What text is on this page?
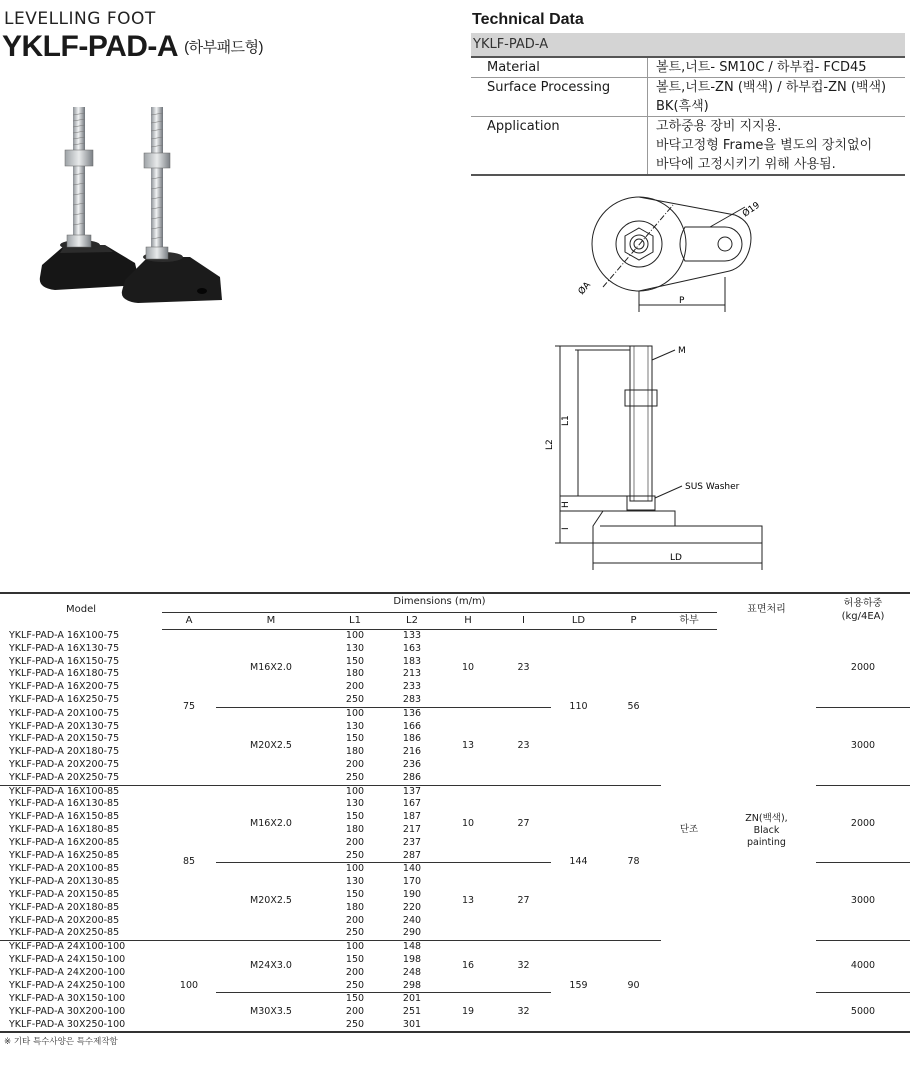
LEVELLING FOOT
YKLF-PAD-A (하부패드형)
Technical Data
YKLF-PAD-A	
Material	볼트,너트- SM10C / 하부컵- FCD45

Surface Processing	볼트,너트-ZN (백색) / 하부컵-ZN (백색)
BK(흑색)

Application	고하중용 장비 지지용.
바닥고정형 Frame을 별도의 장치없이
바닥에 고정시키기 위해 사용됨.
ØA
Ø19
P
M
SUS Washer
L1
L2
H
I
LD
Model	Dimensions (m/m)									표면처리	허용하중
(kg/4EA)

	A	M	L1	L2	H	I	LD	P	하부		
YKLF-PAD-A 16X100-75	75	M16X2.0	100	133	10	23	110	56	단조	ZN(백색),
Black
painting	2000
YKLF-PAD-A 16X130-75			130	163							
YKLF-PAD-A 16X150-75			150	183							
YKLF-PAD-A 16X180-75			180	213							
YKLF-PAD-A 16X200-75			200	233							
YKLF-PAD-A 16X250-75			250	283							
YKLF-PAD-A 20X100-75		M20X2.5	100	136	13	23					3000
YKLF-PAD-A 20X130-75			130	166							
YKLF-PAD-A 20X150-75			150	186							
YKLF-PAD-A 20X180-75			180	216							
YKLF-PAD-A 20X200-75			200	236							
YKLF-PAD-A 20X250-75			250	286							
YKLF-PAD-A 16X100-85	85	M16X2.0	100	137	10	27	144	78			2000
YKLF-PAD-A 16X130-85			130	167							
YKLF-PAD-A 16X150-85			150	187							
YKLF-PAD-A 16X180-85			180	217							
YKLF-PAD-A 16X200-85			200	237							
YKLF-PAD-A 16X250-85			250	287							
YKLF-PAD-A 20X100-85		M20X2.5	100	140	13	27					3000
YKLF-PAD-A 20X130-85			130	170							
YKLF-PAD-A 20X150-85			150	190							
YKLF-PAD-A 20X180-85			180	220							
YKLF-PAD-A 20X200-85			200	240							
YKLF-PAD-A 20X250-85			250	290							
YKLF-PAD-A 24X100-100	100	M24X3.0	100	148	16	32	159	90			4000
YKLF-PAD-A 24X150-100			150	198							
YKLF-PAD-A 24X200-100			200	248							
YKLF-PAD-A 24X250-100			250	298							
YKLF-PAD-A 30X150-100		M30X3.5	150	201	19	32					5000
YKLF-PAD-A 30X200-100			200	251							
YKLF-PAD-A 30X250-100			250	301							
※ 기타 특수사양은 특수제작함
